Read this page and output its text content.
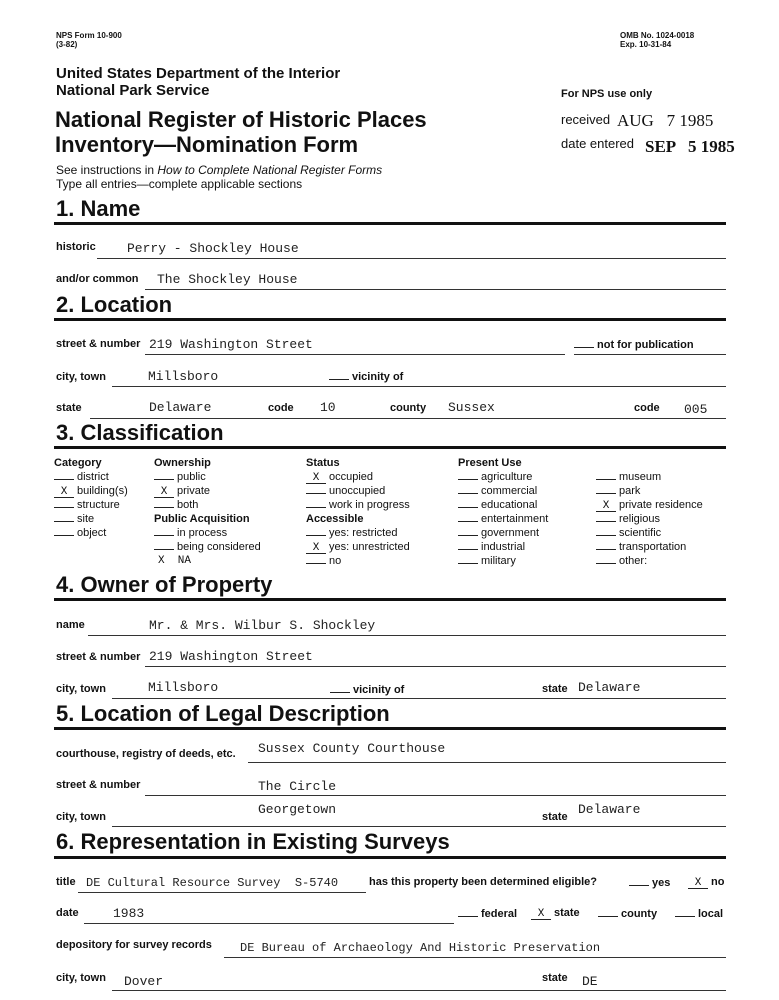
NPS Form 10-900
(3-82)
OMB No. 1024-0018
Exp. 10-31-84
United States Department of the Interior
National Park Service
National Register of Historic Places
Inventory—Nomination Form
See instructions in How to Complete National Register Forms
Type all entries—complete applicable sections
For NPS use only
received AUG   7 1985
date entered SEP   5 1985
1. Name
historic Perry - Shockley House
and/or common The Shockley House
2. Location
street & number 219 Washington Street	not for publication
city, town	Millsboro	vicinity of
state	Delaware	code 10	county Sussex	code 005
3. Classification
Category
district
X building(s)
structure
site
object
Ownership
public
X private
both
Public Acquisition
in process
being considered
X  NA
Status
X occupied
unoccupied
work in progress
Accessible
yes: restricted
X yes: unrestricted
no
Present Use
agriculture
commercial
educational
entertainment
government
industrial
military
museum
park
X private residence
religious
scientific
transportation
other:
4. Owner of Property
name	Mr. & Mrs. Wilbur S. Shockley
street & number 219 Washington Street
city, town	Millsboro	vicinity of	state Delaware
5. Location of Legal Description
courthouse, registry of deeds, etc. Sussex County Courthouse
street & number	The Circle
city, town	Georgetown	state Delaware
6. Representation in Existing Surveys
title DE Cultural Resource Survey  S-5740	has this property been determined eligible?	yes	X no
date	1983	federal	X state	county	local
depository for survey records DE Bureau of Archaeology And Historic Preservation
city, town Dover	state DE
